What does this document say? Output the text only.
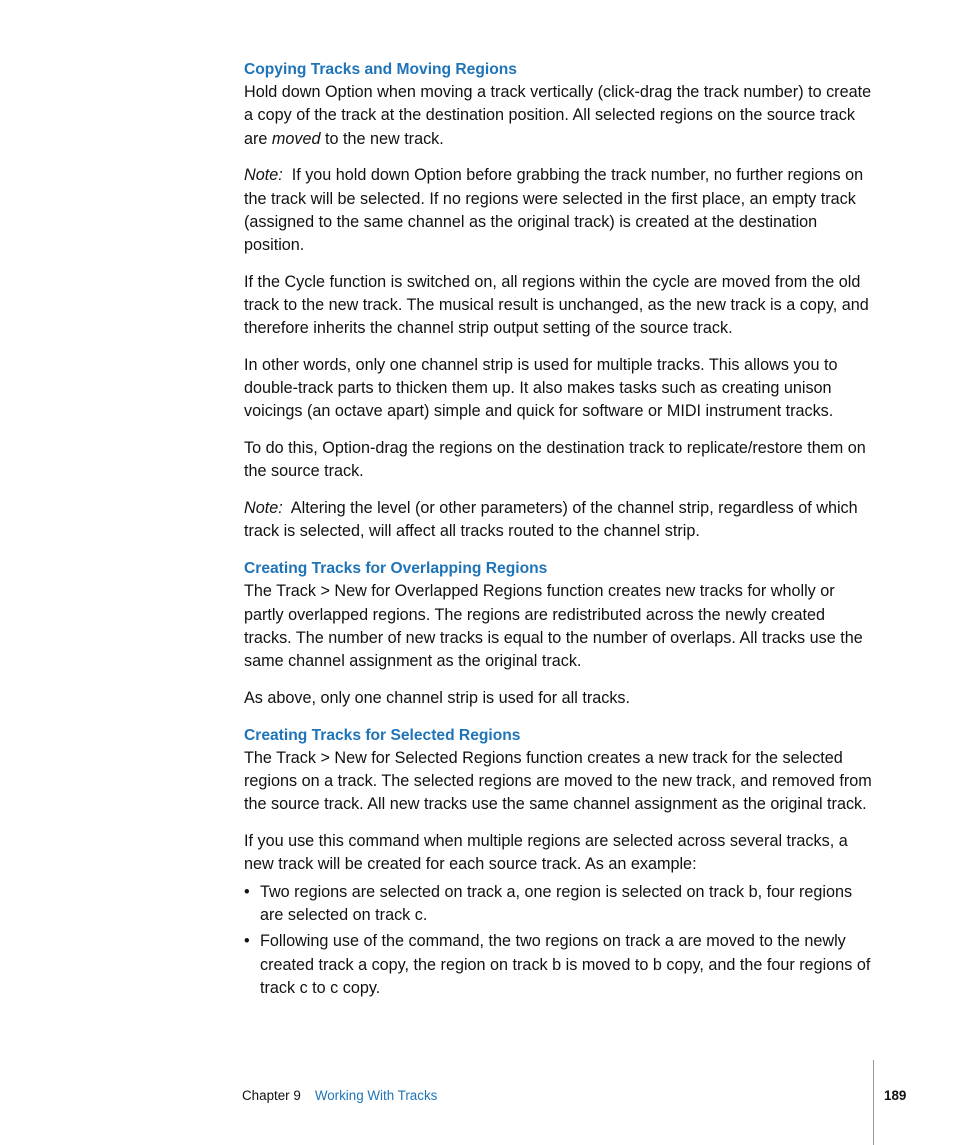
Copying Tracks and Moving Regions

Hold down Option when moving a track vertically (click-drag the track number) to create a copy of the track at the destination position. All selected regions on the source track are moved to the new track.

Note:  If you hold down Option before grabbing the track number, no further regions on the track will be selected. If no regions were selected in the first place, an empty track (assigned to the same channel as the original track) is created at the destination position.

If the Cycle function is switched on, all regions within the cycle are moved from the old track to the new track. The musical result is unchanged, as the new track is a copy, and therefore inherits the channel strip output setting of the source track.

In other words, only one channel strip is used for multiple tracks. This allows you to double-track parts to thicken them up. It also makes tasks such as creating unison voicings (an octave apart) simple and quick for software or MIDI instrument tracks.

To do this, Option-drag the regions on the destination track to replicate/restore them on the source track.

Note:  Altering the level (or other parameters) of the channel strip, regardless of which track is selected, will affect all tracks routed to the channel strip.

Creating Tracks for Overlapping Regions

The Track > New for Overlapped Regions function creates new tracks for wholly or partly overlapped regions. The regions are redistributed across the newly created tracks. The number of new tracks is equal to the number of overlaps. All tracks use the same channel assignment as the original track.

As above, only one channel strip is used for all tracks.

Creating Tracks for Selected Regions

The Track > New for Selected Regions function creates a new track for the selected regions on a track. The selected regions are moved to the new track, and removed from the source track. All new tracks use the same channel assignment as the original track.

If you use this command when multiple regions are selected across several tracks, a new track will be created for each source track. As an example:

• Two regions are selected on track a, one region is selected on track b, four regions are selected on track c.
• Following use of the command, the two regions on track a are moved to the newly created track a copy, the region on track b is moved to b copy, and the four regions of track c to c copy.
Chapter 9 Working With Tracks	189
